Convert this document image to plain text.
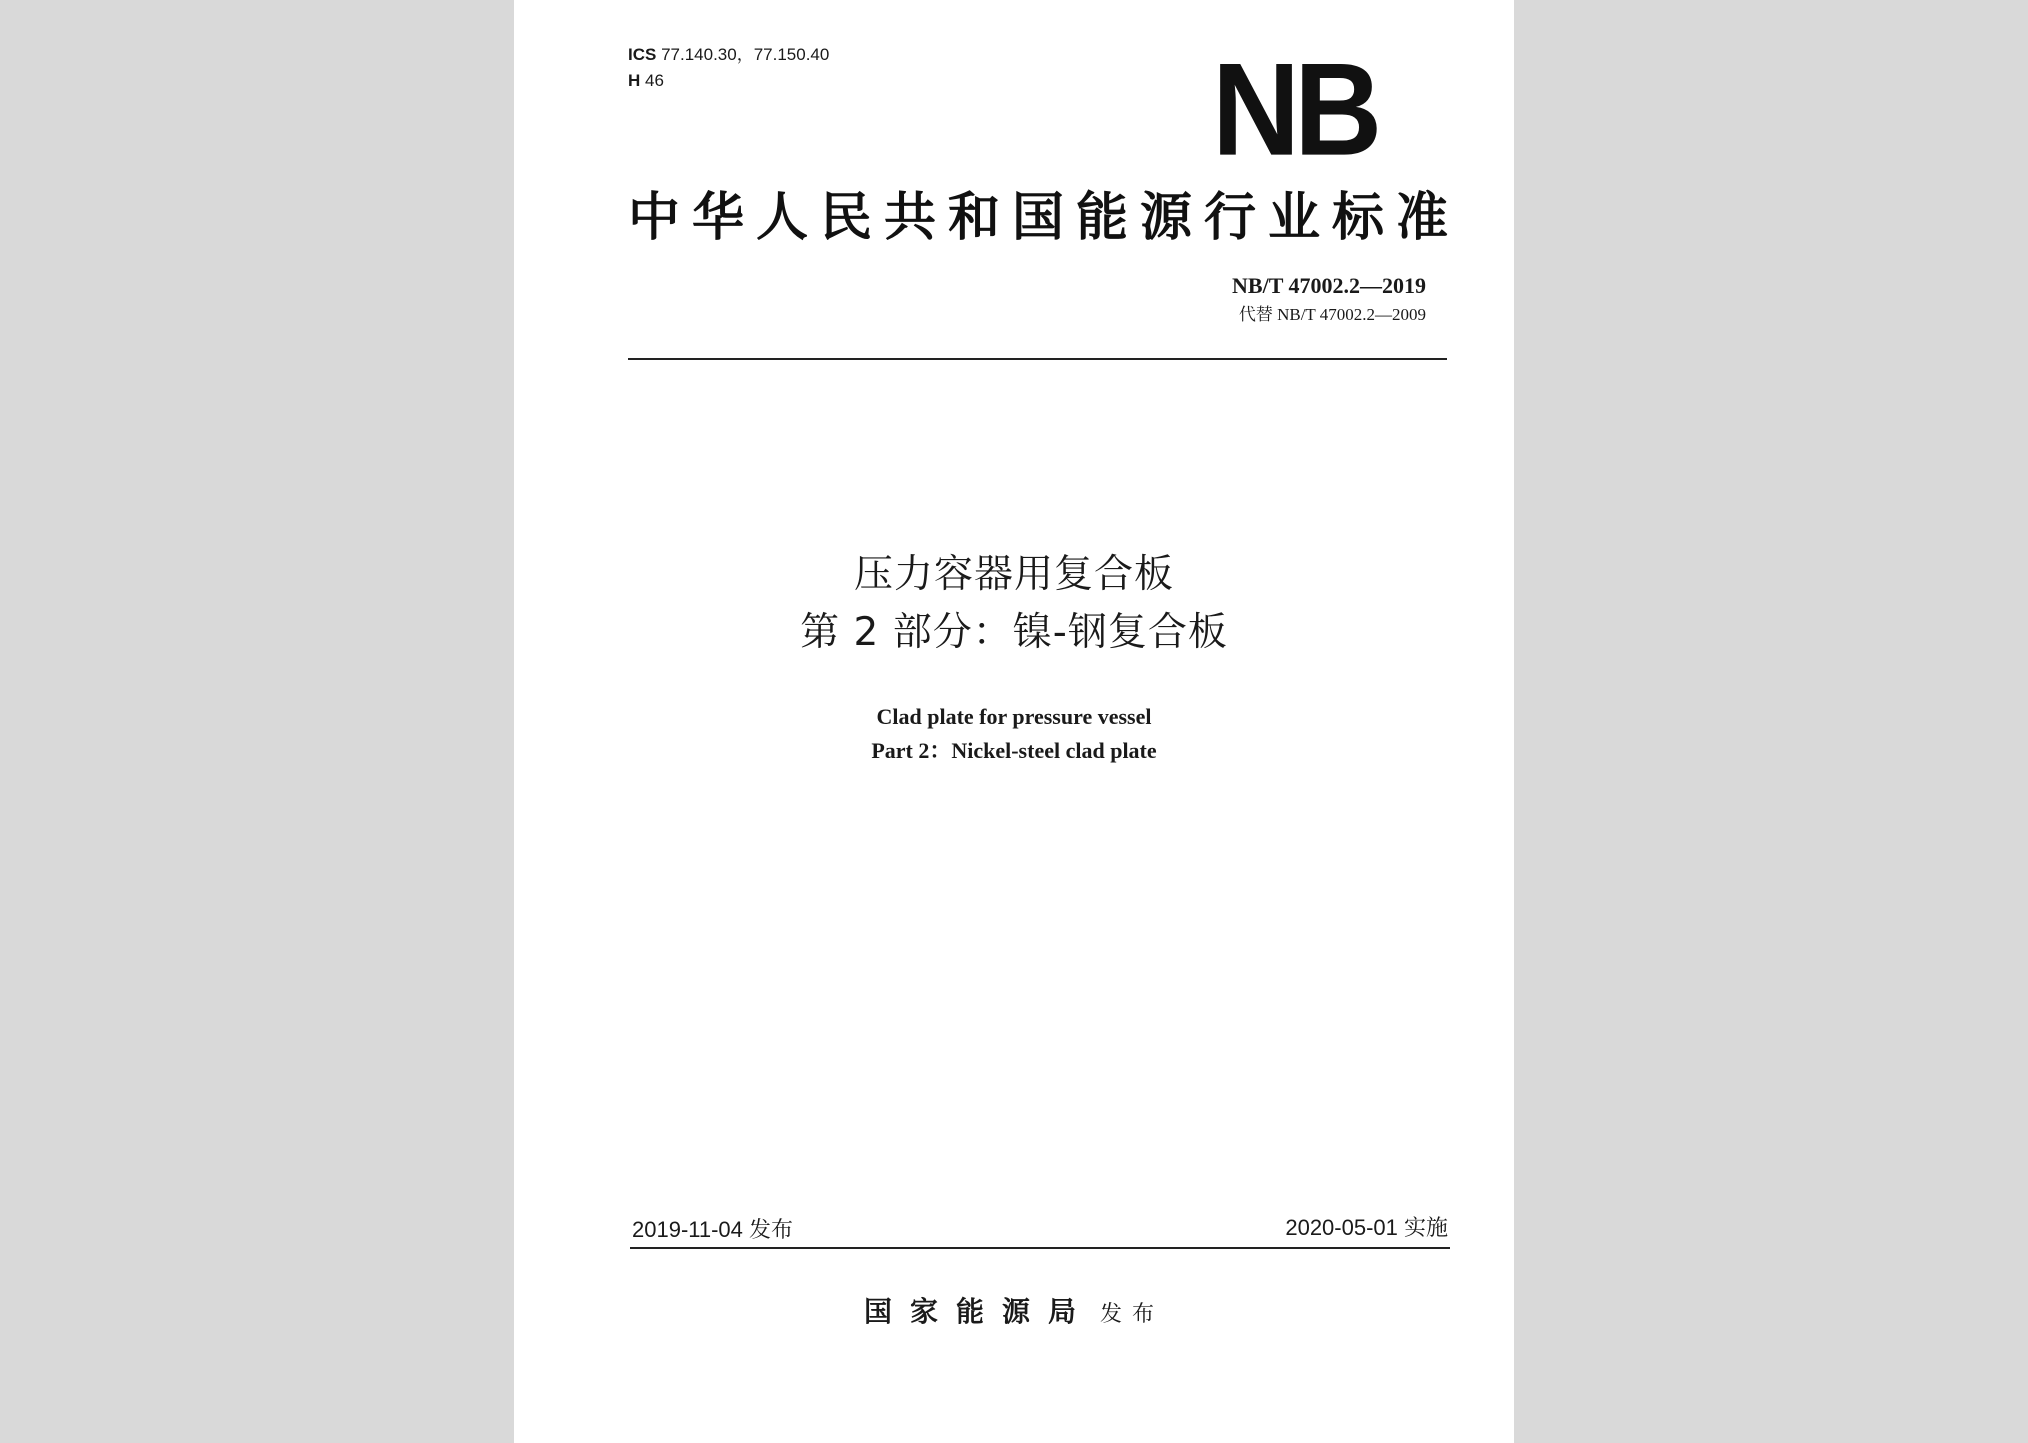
ICS 77.140.30，77.150.40
H 46	NB
中华人民共和国能源行业标准
NB/T 47002.2—2019
代替 NB/T 47002.2—2009
压力容器用复合板
第 2 部分：镍-钢复合板
Clad plate for pressure vessel
Part 2：Nickel-steel clad plate
2019-11-04 发布	2020-05-01 实施
国家能源局 发布
